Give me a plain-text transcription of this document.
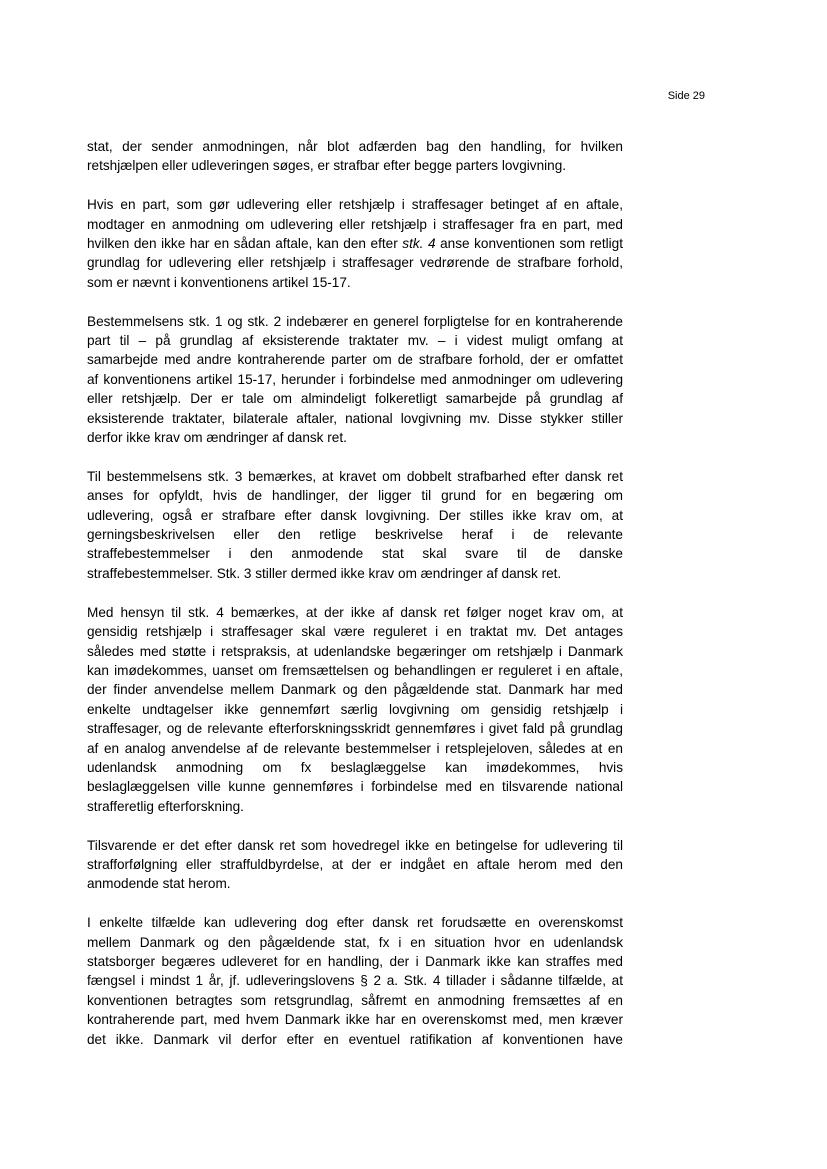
Side 29

stat, der sender anmodningen, når blot adfærden bag den handling, for hvilken
retshjælpen eller udleveringen søges, er strafbar efter begge parters lovgivning.

Hvis en part, som gør udlevering eller retshjælp i straffesager betinget af en aftale,
modtager en anmodning om udlevering eller retshjælp i straffesager fra en part, med
hvilken den ikke har en sådan aftale, kan den efter stk. 4 anse konventionen som retligt
grundlag for udlevering eller retshjælp i straffesager vedrørende de strafbare forhold,
som er nævnt i konventionens artikel 15-17.

Bestemmelsens stk. 1 og stk. 2 indebærer en generel forpligtelse for en kontraherende
part til – på grundlag af eksisterende traktater mv. – i videst muligt omfang at
samarbejde med andre kontraherende parter om de strafbare forhold, der er omfattet
af konventionens artikel 15-17, herunder i forbindelse med anmodninger om udlevering
eller retshjælp. Der er tale om almindeligt folkeretligt samarbejde på grundlag af
eksisterende traktater, bilaterale aftaler, national lovgivning mv. Disse stykker stiller
derfor ikke krav om ændringer af dansk ret.

Til bestemmelsens stk. 3 bemærkes, at kravet om dobbelt strafbarhed efter dansk ret
anses for opfyldt, hvis de handlinger, der ligger til grund for en begæring om
udlevering, også er strafbare efter dansk lovgivning. Der stilles ikke krav om, at
gerningsbeskrivelsen eller den retlige beskrivelse heraf i de relevante
straffebestemmelser i den anmodende stat skal svare til de danske
straffebestemmelser. Stk. 3 stiller dermed ikke krav om ændringer af dansk ret.

Med hensyn til stk. 4 bemærkes, at der ikke af dansk ret følger noget krav om, at
gensidig retshjælp i straffesager skal være reguleret i en traktat mv. Det antages
således med støtte i retspraksis, at udenlandske begæringer om retshjælp i Danmark
kan imødekommes, uanset om fremsættelsen og behandlingen er reguleret i en aftale,
der finder anvendelse mellem Danmark og den pågældende stat. Danmark har med
enkelte undtagelser ikke gennemført særlig lovgivning om gensidig retshjælp i
straffesager, og de relevante efterforskningsskridt gennemføres i givet fald på grundlag
af en analog anvendelse af de relevante bestemmelser i retsplejeloven, således at en
udenlandsk anmodning om fx beslaglæggelse kan imødekommes, hvis
beslaglæggelsen ville kunne gennemføres i forbindelse med en tilsvarende national
strafferetlig efterforskning.

Tilsvarende er det efter dansk ret som hovedregel ikke en betingelse for udlevering til
strafforfølgning eller straffuldbyrdelse, at der er indgået en aftale herom med den
anmodende stat herom.

I enkelte tilfælde kan udlevering dog efter dansk ret forudsætte en overenskomst
mellem Danmark og den pågældende stat, fx i en situation hvor en udenlandsk
statsborger begæres udleveret for en handling, der i Danmark ikke kan straffes med
fængsel i mindst 1 år, jf. udleveringslovens § 2 a. Stk. 4 tillader i sådanne tilfælde, at
konventionen betragtes som retsgrundlag, såfremt en anmodning fremsættes af en
kontraherende part, med hvem Danmark ikke har en overenskomst med, men kræver
det ikke. Danmark vil derfor efter en eventuel ratifikation af konventionen have
